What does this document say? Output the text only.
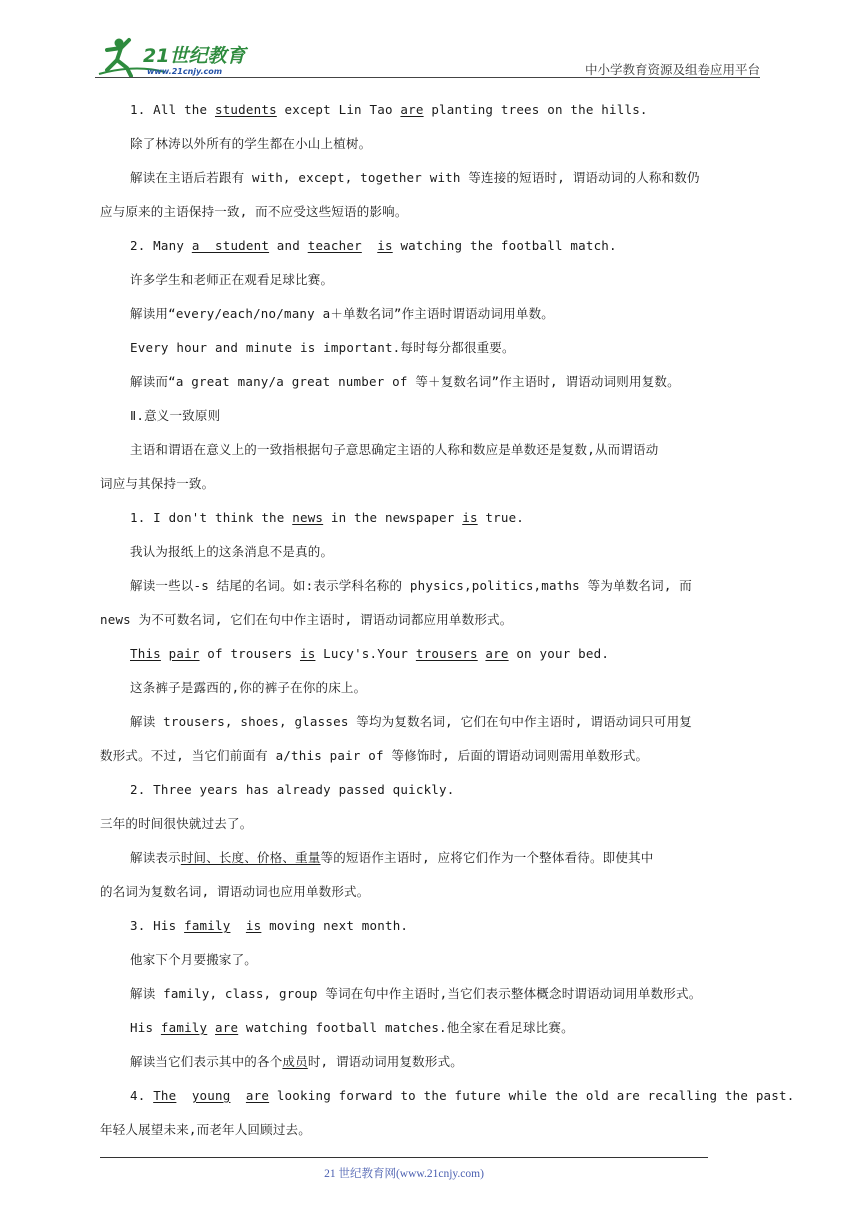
21世纪教育
www.21cnjy.com	中小学教育资源及组卷应用平台
1. All the students except Lin Tao are planting trees on the hills.
除了林涛以外所有的学生都在小山上植树。
解读在主语后若跟有 with, except, together with 等连接的短语时, 谓语动词的人称和数仍
应与原来的主语保持一致, 而不应受这些短语的影响。
2. Many a  student and teacher is watching the football match.
许多学生和老师正在观看足球比赛。
解读用“every/each/no/many a＋单数名词”作主语时谓语动词用单数。
Every hour and minute is important.每时每分都很重要。
解读而“a great many/a great number of 等＋复数名词”作主语时, 谓语动词则用复数。
Ⅱ.意义一致原则
主语和谓语在意义上的一致指根据句子意思确定主语的人称和数应是单数还是复数,从而谓语动
词应与其保持一致。
1. I don't think the news in the newspaper is true.
我认为报纸上的这条消息不是真的。
解读一些以-s 结尾的名词。如:表示学科名称的 physics,politics,maths 等为单数名词, 而
news 为不可数名词, 它们在句中作主语时, 谓语动词都应用单数形式。
This pair of trousers is Lucy's.Your trousers are on your bed.
这条裤子是露西的,你的裤子在你的床上。
解读 trousers, shoes, glasses 等均为复数名词, 它们在句中作主语时, 谓语动词只可用复
数形式。不过, 当它们前面有 a/this pair of 等修饰时, 后面的谓语动词则需用单数形式。
2. Three years has already passed quickly.
三年的时间很快就过去了。
解读表示时间、长度、价格、重量等的短语作主语时, 应将它们作为一个整体看待。即使其中
的名词为复数名词, 谓语动词也应用单数形式。
3. His family is moving next month.
他家下个月要搬家了。
解读 family, class, group 等词在句中作主语时,当它们表示整体概念时谓语动词用单数形式。
His family are watching football matches.他全家在看足球比赛。
解读当它们表示其中的各个成员时, 谓语动词用复数形式。
4. The young are looking forward to the future while the old are recalling the past.
年轻人展望未来,而老年人回顾过去。
21 世纪教育网(www.21cnjy.com)
